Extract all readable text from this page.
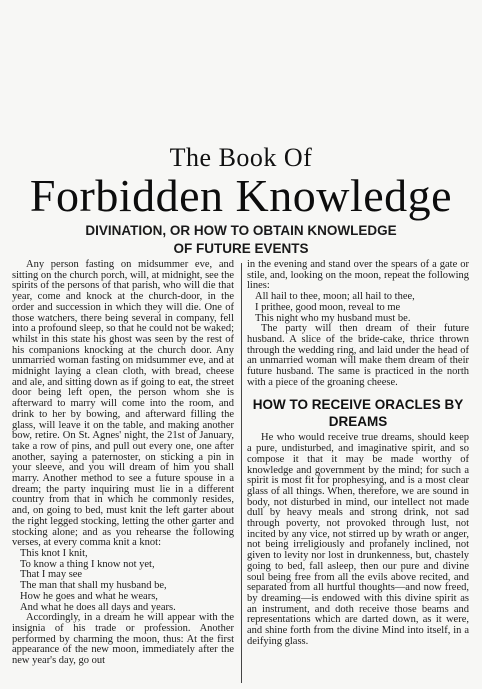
The Book Of
Forbidden Knowledge
DIVINATION, OR HOW TO OBTAIN KNOWLEDGE
OF FUTURE EVENTS

Any person fasting on midsummer eve, and sitting on the church porch, will, at midnight, see the spirits of the persons of that parish, who will die that year, come and knock at the church-door, in the order and succession in which they will die. One of those watchers, there being several in company, fell into a profound sleep, so that he could not be waked; whilst in this state his ghost was seen by the rest of his companions knocking at the church door. Any unmarried woman fasting on midsummer eve, and at midnight laying a clean cloth, with bread, cheese and ale, and sitting down as if going to eat, the street door being left open, the person whom she is afterward to marry will come into the room, and drink to her by bowing, and afterward filling the glass, will leave it on the table, and making another bow, retire. On St. Agnes' night, the 21st of January, take a row of pins, and pull out every one, one after another, saying a paternoster, on sticking a pin in your sleeve, and you will dream of him you shall marry. Another method to see a future spouse in a dream; the party inquiring must lie in a different country from that in which he commonly resides, and, on going to bed, must knit the left garter about the right legged stocking, letting the other garter and stocking alone; and as you rehearse the following verses, at every comma knit a knot:

This knot I knit,
To know a thing I know not yet,
That I may see
The man that shall my husband be,
How he goes and what he wears,
And what he does all days and years.

Accordingly, in a dream he will appear with the insignia of his trade or profession. Another performed by charming the moon, thus: At the first appearance of the new moon, immediately after the new year's day, go out

in the evening and stand over the spears of a gate or stile, and, looking on the moon, repeat the following lines:

All hail to thee, moon; all hail to thee,
I prithee, good moon, reveal to me
This night who my husband must be.

The party will then dream of their future husband. A slice of the bride-cake, thrice thrown through the wedding ring, and laid under the head of an unmarried woman will make them dream of their future husband. The same is practiced in the north with a piece of the groaning cheese.

HOW TO RECEIVE ORACLES BY DREAMS

He who would receive true dreams, should keep a pure, undisturbed, and imaginative spirit, and so compose it that it may be made worthy of knowledge and government by the mind; for such a spirit is most fit for prophesying, and is a most clear glass of all things. When, therefore, we are sound in body, not disturbed in mind, our intellect not made dull by heavy meals and strong drink, not sad through poverty, not provoked through lust, not incited by any vice, not stirred up by wrath or anger, not being irreligiously and profanely inclined, not given to levity nor lost in drunkenness, but, chastely going to bed, fall asleep, then our pure and divine soul being free from all the evils above recited, and separated from all hurtful thoughts—and now freed, by dreaming—is endowed with this divine spirit as an instrument, and doth receive those beams and representations which are darted down, as it were, and shine forth from the divine Mind into itself, in a deifying glass.
